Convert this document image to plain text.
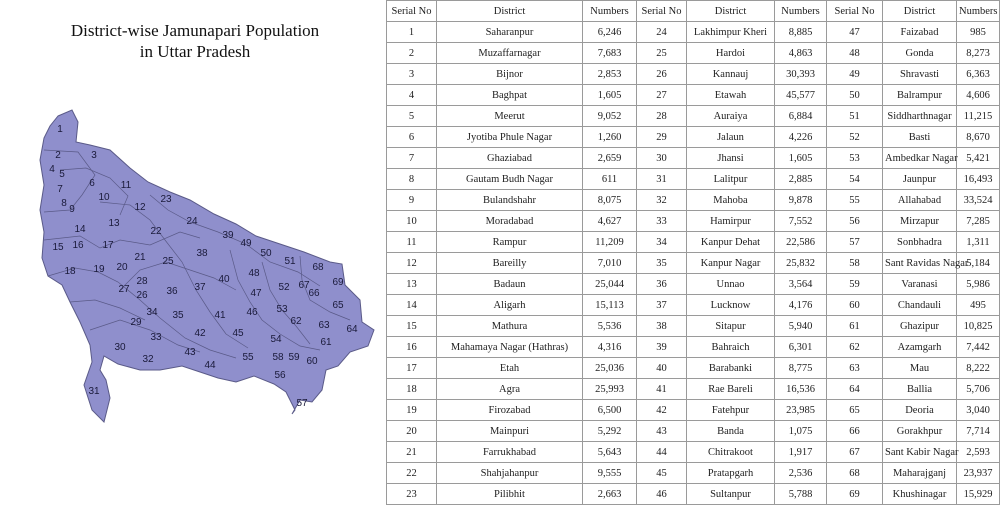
District-wise Jamunapari Population
in Uttar Pradesh
1
2	3
4 5
6
7
8
9
10
11
12
13
14
15 16 17
18 19 20
21
22
23
24
25
26
27
28
29
30
31
32
33
34 35
36 37
38
39
40
41
42
43
44
45
46
47
48
49
50
51
52
53
54
55
56
57
58 59 60
61
62 63 64
65
66
67
68
69
Serial No	District	Numbers	Serial No	District	Numbers	Serial No	District	Numbers
1	Saharanpur	6,246	24	Lakhimpur Kheri	8,885	47	Faizabad	985
2	Muzaffarnagar	7,683	25	Hardoi	4,863	48	Gonda	8,273
3	Bijnor	2,853	26	Kannauj	30,393	49	Shravasti	6,363
4	Baghpat	1,605	27	Etawah	45,577	50	Balrampur	4,606
5	Meerut	9,052	28	Auraiya	6,884	51	Siddharthnagar	11,215
6	Jyotiba Phule Nagar	1,260	29	Jalaun	4,226	52	Basti	8,670
7	Ghaziabad	2,659	30	Jhansi	1,605	53	Ambedkar Nagar	5,421
8	Gautam Budh Nagar	611	31	Lalitpur	2,885	54	Jaunpur	16,493
9	Bulandshahr	8,075	32	Mahoba	9,878	55	Allahabad	33,524
10	Moradabad	4,627	33	Hamirpur	7,552	56	Mirzapur	7,285
11	Rampur	11,209	34	Kanpur Dehat	22,586	57	Sonbhadra	1,311
12	Bareilly	7,010	35	Kanpur Nagar	25,832	58	Sant Ravidas Nagar	5,184
13	Badaun	25,044	36	Unnao	3,564	59	Varanasi	5,986
14	Aligarh	15,113	37	Lucknow	4,176	60	Chandauli	495
15	Mathura	5,536	38	Sitapur	5,940	61	Ghazipur	10,825
16	Mahamaya Nagar (Hathras)	4,316	39	Bahraich	6,301	62	Azamgarh	7,442
17	Etah	25,036	40	Barabanki	8,775	63	Mau	8,222
18	Agra	25,993	41	Rae Bareli	16,536	64	Ballia	5,706
19	Firozabad	6,500	42	Fatehpur	23,985	65	Deoria	3,040
20	Mainpuri	5,292	43	Banda	1,075	66	Gorakhpur	7,714
21	Farrukhabad	5,643	44	Chitrakoot	1,917	67	Sant Kabir Nagar	2,593
22	Shahjahanpur	9,555	45	Pratapgarh	2,536	68	Maharajganj	23,937
23	Pilibhit	2,663	46	Sultanpur	5,788	69	Khushinagar	15,929
